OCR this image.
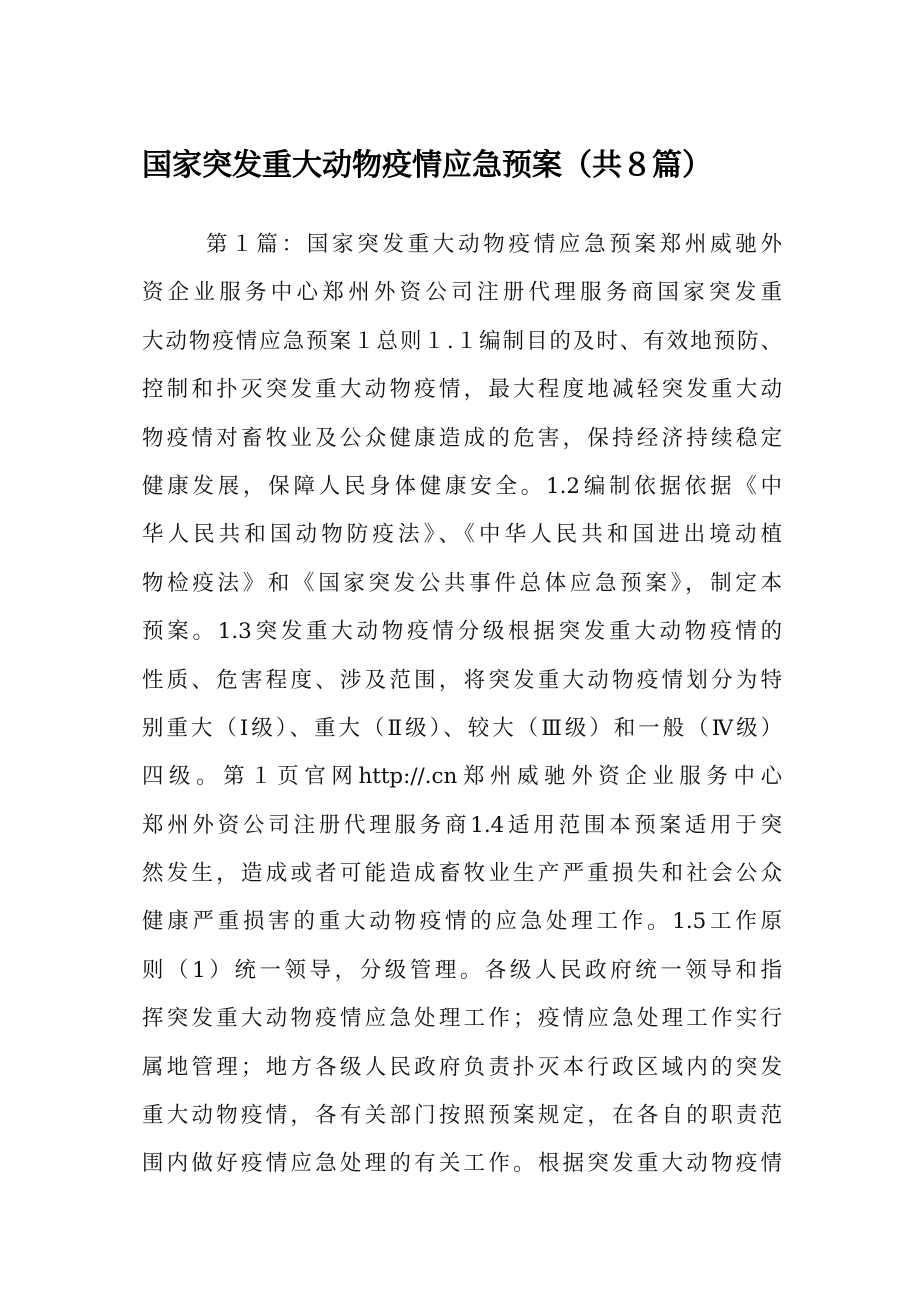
国家突发重大动物疫情应急预案（共８篇）
第１篇：国家突发重大动物疫情应急预案郑州威驰外
资企业服务中心郑州外资公司注册代理服务商国家突发重
大动物疫情应急预案１总则１.１编制目的及时、有效地预防、
控制和扑灭突发重大动物疫情，最大程度地减轻突发重大动
物疫情对畜牧业及公众健康造成的危害，保持经济持续稳定
健康发展，保障人民身体健康安全。1.2编制依据依据《中
华人民共和国动物防疫法》、《中华人民共和国进出境动植
物检疫法》和《国家突发公共事件总体应急预案》，制定本
预案。1.3突发重大动物疫情分级根据突发重大动物疫情的
性质、危害程度、涉及范围，将突发重大动物疫情划分为特
别重大（Ⅰ级）、重大（Ⅱ级）、较大（Ⅲ级）和一般（Ⅳ级）
四级。第１页官网http://.cn郑州威驰外资企业服务中心
郑州外资公司注册代理服务商1.4适用范围本预案适用于突
然发生，造成或者可能造成畜牧业生产严重损失和社会公众
健康严重损害的重大动物疫情的应急处理工作。1.5工作原
则（1）统一领导，分级管理。各级人民政府统一领导和指
挥突发重大动物疫情应急处理工作；疫情应急处理工作实行
属地管理；地方各级人民政府负责扑灭本行政区域内的突发
重大动物疫情，各有关部门按照预案规定，在各自的职责范
围内做好疫情应急处理的有关工作。根据突发重大动物疫情
